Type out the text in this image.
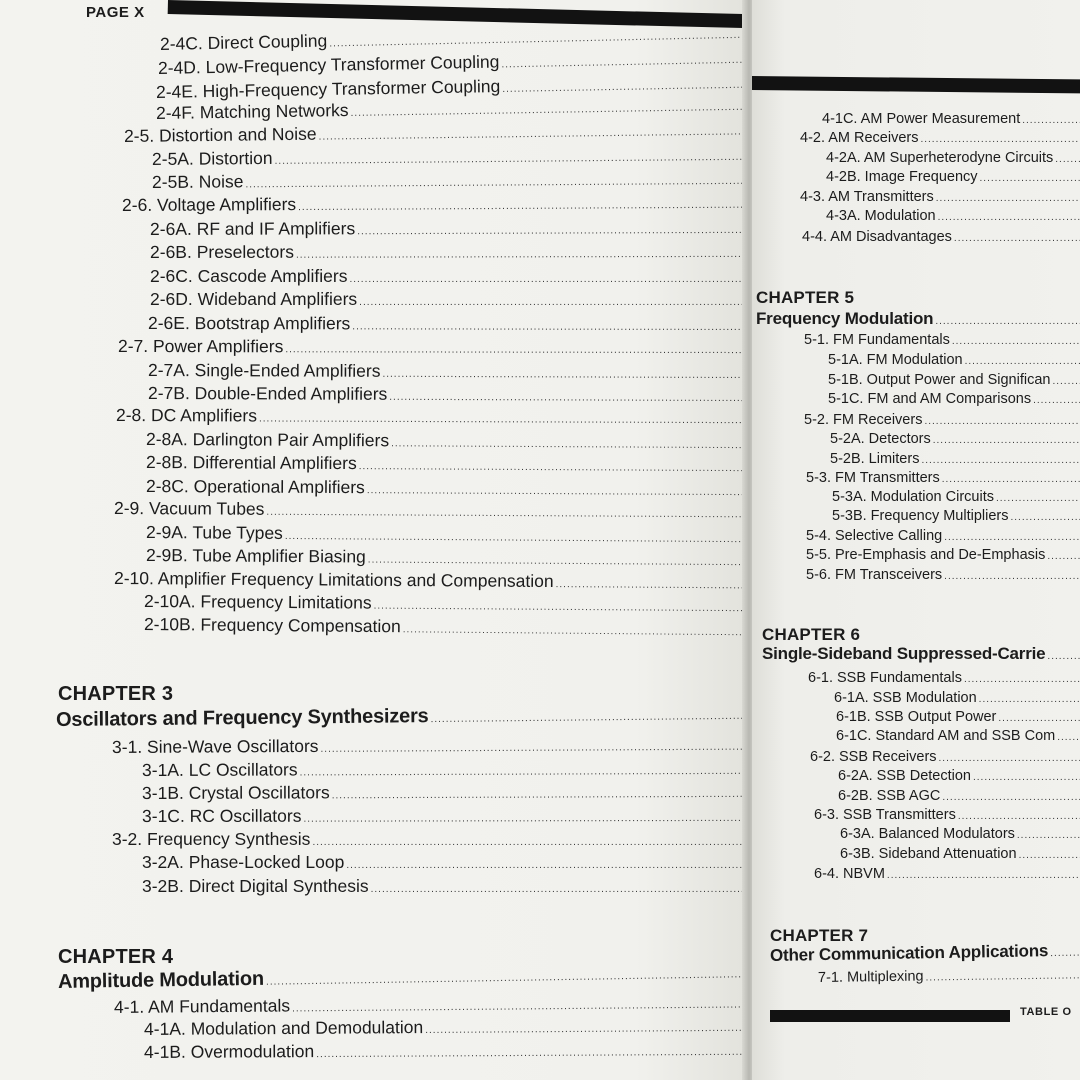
PAGE X
2-4C. Direct Coupling
.....
2-4D. Low-Frequency Transformer Coupling
.....
2-4E. High-Frequency Transformer Coupling
.....
2-4F. Matching Networks
.....
2-5. Distortion and Noise
.....
2-5A. Distortion
.....
2-5B. Noise
.....
2-6. Voltage Amplifiers
.....
2-6A. RF and IF Amplifiers
.....
2-6B. Preselectors
.....
2-6C. Cascode Amplifiers
.....
2-6D. Wideband Amplifiers
.....
2-6E. Bootstrap Amplifiers
.....
2-7. Power Amplifiers
.....
2-7A. Single-Ended Amplifiers
.....
2-7B. Double-Ended Amplifiers
.....
2-8. DC Amplifiers
.....
2-8A. Darlington Pair Amplifiers
.....
2-8B. Differential Amplifiers
.....
2-8C. Operational Amplifiers
.....
2-9. Vacuum Tubes
.....
2-9A. Tube Types
.....
2-9B. Tube Amplifier Biasing
.....
2-10. Amplifier Frequency Limitations and Compensation
.....
2-10A. Frequency Limitations
.....
2-10B. Frequency Compensation
.....
Oscillators and Frequency Synthesizers
.....
3-1. Sine-Wave Oscillators
.....
3-1A. LC Oscillators
.....
3-1B. Crystal Oscillators
.....
3-1C. RC Oscillators
.....
3-2. Frequency Synthesis
.....
3-2A. Phase-Locked Loop
.....
3-2B. Direct Digital Synthesis
.....
Amplitude Modulation
.....
4-1. AM Fundamentals
.....
4-1A. Modulation and Demodulation
.....
4-1B. Overmodulation
.....
CHAPTER 3
CHAPTER 4
4-1C. AM Power Measurement
.....
4-2. AM Receivers
.....
4-2A. AM Superheterodyne Circuits
.....
4-2B. Image Frequency
.....
4-3. AM Transmitters
.....
4-3A. Modulation
.....
4-4. AM Disadvantages
.....
Frequency Modulation
.....
5-1. FM Fundamentals
.....
5-1A. FM Modulation
.....
5-1B. Output Power and Significan
.....
5-1C. FM and AM Comparisons
.....
5-2. FM Receivers
.....
5-2A. Detectors
.....
5-2B. Limiters
.....
5-3. FM Transmitters
.....
5-3A. Modulation Circuits
.....
5-3B. Frequency Multipliers
.....
5-4. Selective Calling
.....
5-5. Pre-Emphasis and De-Emphasis
.....
5-6. FM Transceivers
.....
Single-Sideband Suppressed-Carrie
.....
6-1. SSB Fundamentals
.....
6-1A. SSB Modulation
.....
6-1B. SSB Output Power
.....
6-1C. Standard AM and SSB Com
.....
6-2. SSB Receivers
.....
6-2A. SSB Detection
.....
6-2B. SSB AGC
.....
6-3. SSB Transmitters
.....
6-3A. Balanced Modulators
.....
6-3B. Sideband Attenuation
.....
6-4. NBVM
.....
Other Communication Applications
.....
7-1. Multiplexing
.....
CHAPTER 5
CHAPTER 6
CHAPTER 7
TABLE O
